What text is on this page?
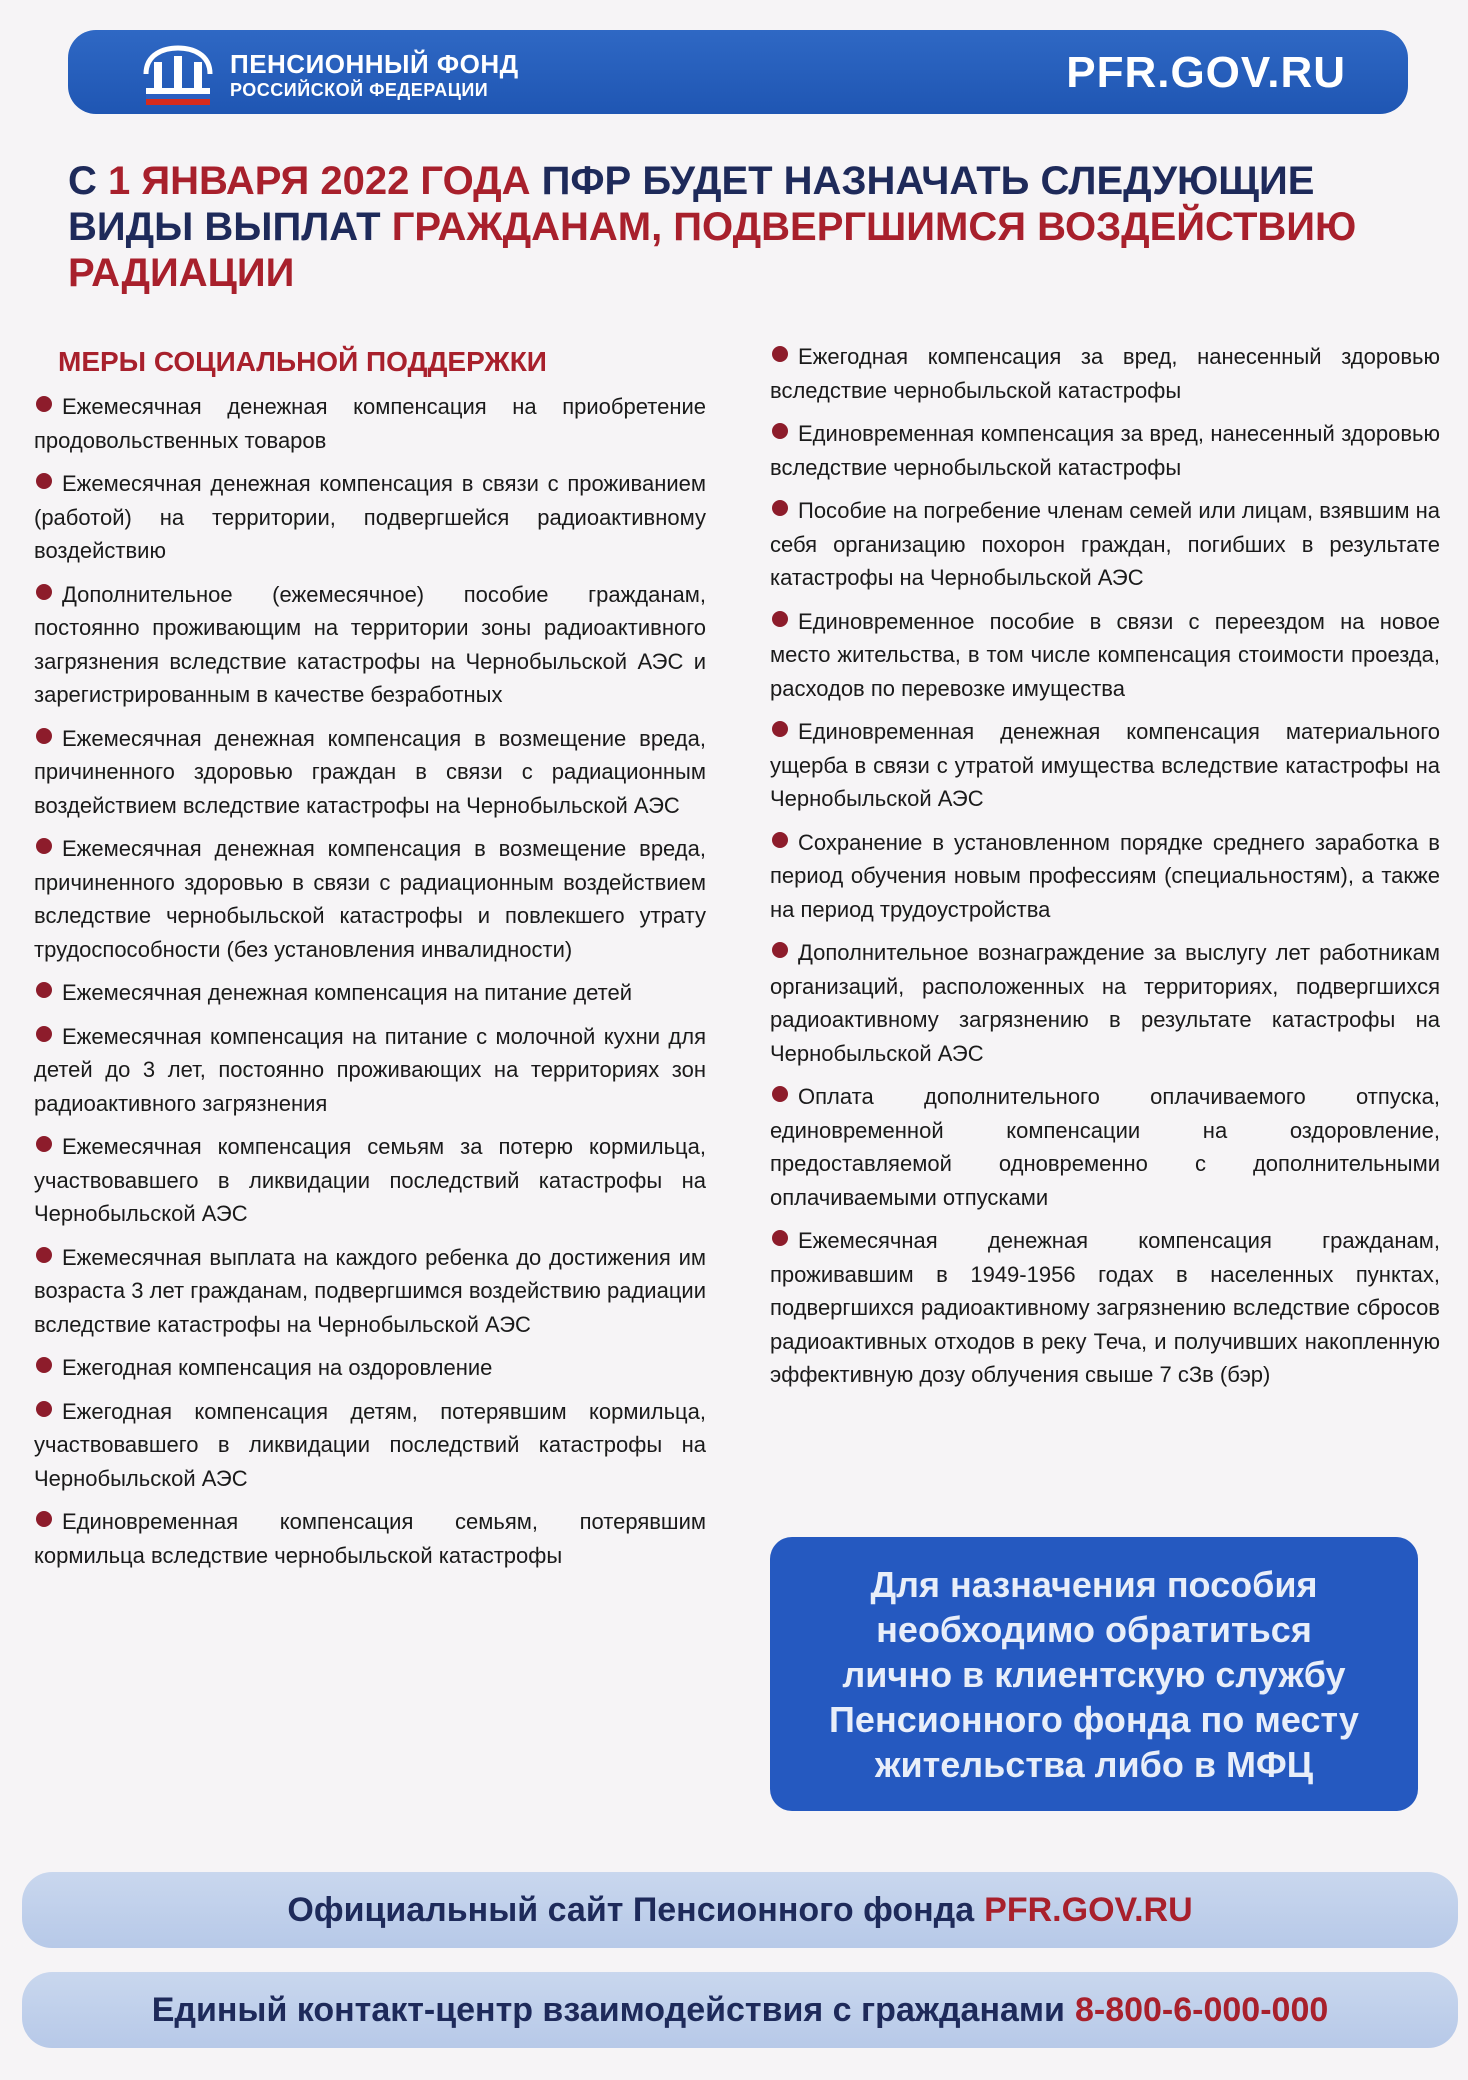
ПЕНСИОННЫЙ ФОНД
РОССИЙСКОЙ ФЕДЕРАЦИИ	PFR.GOV.RU
С 1 ЯНВАРЯ 2022 ГОДА ПФР БУДЕТ НАЗНАЧАТЬ СЛЕДУЮЩИЕ ВИДЫ ВЫПЛАТ ГРАЖДАНАМ, ПОДВЕРГШИМСЯ ВОЗДЕЙСТВИЮ РАДИАЦИИ
МЕРЫ СОЦИАЛЬНОЙ ПОДДЕРЖКИ
Ежемесячная денежная компенсация на приобретение продовольственных товаров
Ежемесячная денежная компенсация в связи с проживанием (работой) на территории, подвергшейся радиоактивному воздействию
Дополнительное (ежемесячное) пособие гражданам, постоянно проживающим на территории зоны радиоактивного загрязнения вследствие катастрофы на Чернобыльской АЭС и зарегистрированным в качестве безработных
Ежемесячная денежная компенсация в возмещение вреда, причиненного здоровью граждан в связи с радиационным воздействием вследствие катастрофы на Чернобыльской АЭС
Ежемесячная денежная компенсация в возмещение вреда, причиненного здоровью в связи с радиационным воздействием вследствие чернобыльской катастрофы и повлекшего утрату трудоспособности (без установления инвалидности)
Ежемесячная денежная компенсация на питание детей
Ежемесячная компенсация на питание с молочной кухни для детей до 3 лет, постоянно проживающих на территориях зон радиоактивного загрязнения
Ежемесячная компенсация семьям за потерю кормильца, участвовавшего в ликвидации последствий катастрофы на Чернобыльской АЭС
Ежемесячная выплата на каждого ребенка до достижения им возраста 3 лет гражданам, подвергшимся воздействию радиации вследствие катастрофы на Чернобыльской АЭС
Ежегодная компенсация на оздоровление
Ежегодная компенсация детям, потерявшим кормильца, участвовавшего в ликвидации последствий катастрофы на Чернобыльской АЭС
Единовременная компенсация семьям, потерявшим кормильца вследствие чернобыльской катастрофы
Ежегодная компенсация за вред, нанесенный здоровью вследствие чернобыльской катастрофы
Единовременная компенсация за вред, нанесенный здоровью вследствие чернобыльской катастрофы
Пособие на погребение членам семей или лицам, взявшим на себя организацию похорон граждан, погибших в результате катастрофы на Чернобыльской АЭС
Единовременное пособие в связи с переездом на новое место жительства, в том числе компенсация стоимости проезда, расходов по перевозке имущества
Единовременная денежная компенсация материального ущерба в связи с утратой имущества вследствие катастрофы на Чернобыльской АЭС
Сохранение в установленном порядке среднего заработка в период обучения новым профессиям (специальностям), а также на период трудоустройства
Дополнительное вознаграждение за выслугу лет работникам организаций, расположенных на территориях, подвергшихся радиоактивному загрязнению в результате катастрофы на Чернобыльской АЭС
Оплата дополнительного оплачиваемого отпуска, единовременной компенсации на оздоровление, предоставляемой одновременно с дополнительными оплачиваемыми отпусками
Ежемесячная денежная компенсация гражданам, проживавшим в 1949-1956 годах в населенных пунктах, подвергшихся радиоактивному загрязнению вследствие сбросов радиоактивных отходов в реку Теча, и получивших накопленную эффективную дозу облучения свыше 7 сЗв (бэр)
Для назначения пособия
необходимо обратиться
лично в клиентскую службу
Пенсионного фонда по месту
жительства либо в МФЦ
Официальный сайт Пенсионного фонда PFR.GOV.RU
Единый контакт-центр взаимодействия с гражданами 8-800-6-000-000
